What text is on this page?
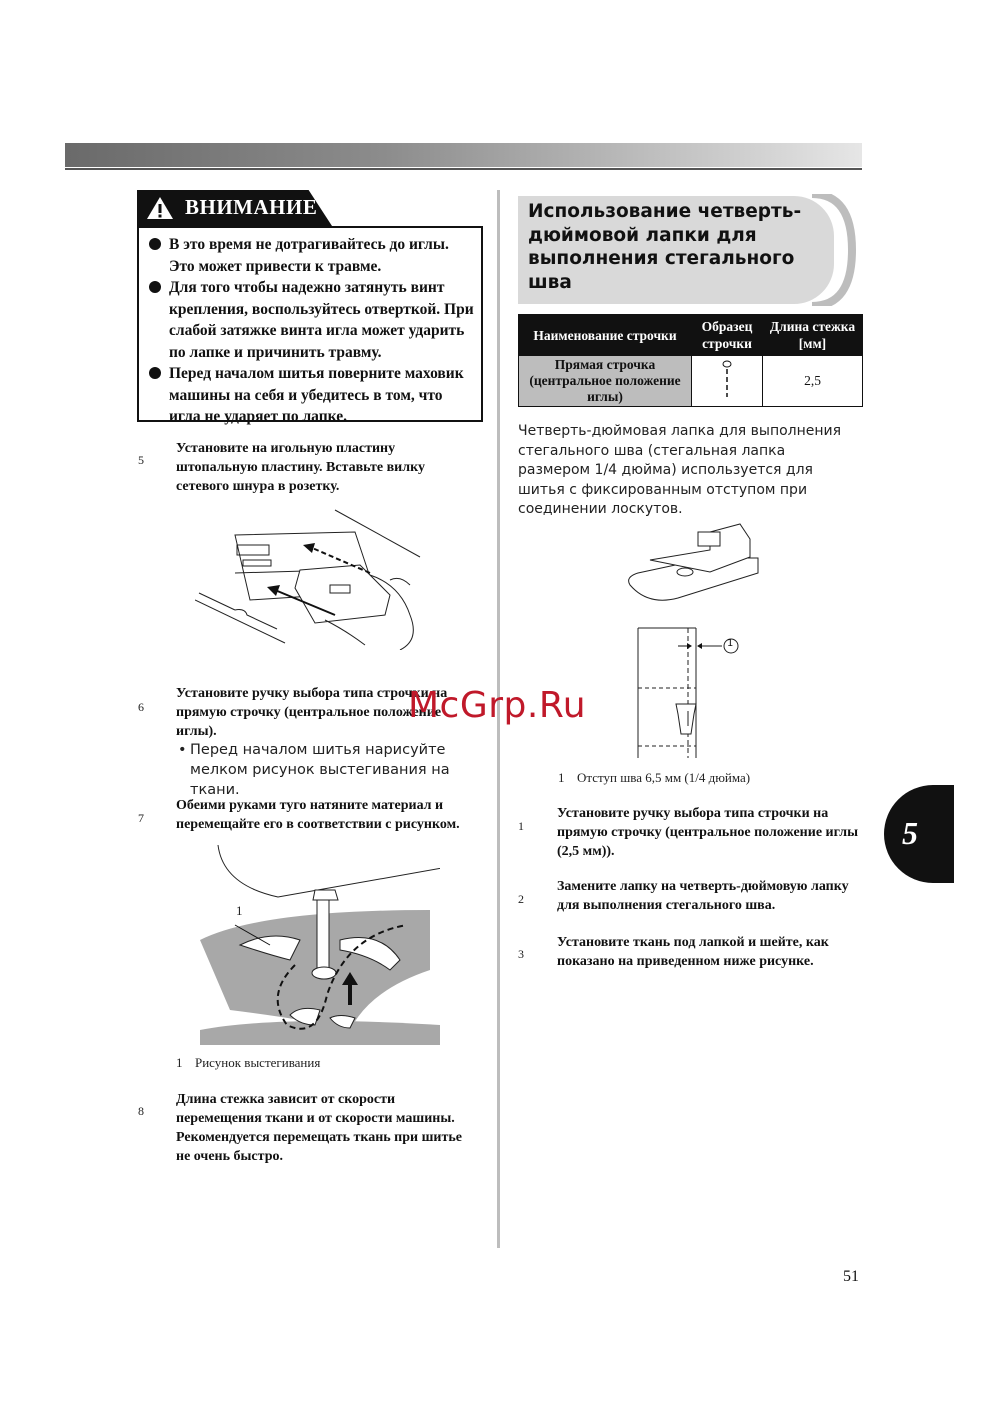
ВНИМАНИЕ
В это время не дотрагивайтесь до иглы. Это может привести к травме.
Для того чтобы надежно затянуть винт крепления, воспользуйтесь отверткой. При слабой затяжке винта игла может ударить по лапке и причинить травму.
Перед началом шитья поверните маховик машины на себя и убедитесь в том, что игла не ударяет по лапке.
5
Установите на игольную пластину штопальную пластину. Вставьте вилку сетевого шнура в розетку.
6
Установите ручку выбора типа строчки на прямую строчку (центральное положение иглы).
• Перед началом шитья нарисуйте мелком рисунок выстегивания на ткани.
7
Обеими руками туго натяните материал и перемещайте его в соответствии с рисунком.
1
1 Рисунок выстегивания
8
Длина стежка зависит от скорости перемещения ткани и от скорости машины. Рекомендуется перемещать ткань при шитье не очень быстро.
Использование четверть-дюймовой лапки для выполнения стегального шва
Наименование строчки	Образец строчки	Длина стежка [мм]
Прямая строчка (центральное положение иглы)		2,5
Четверть-дюймовая лапка для выполнения стегального шва (стегальная лапка размером 1/4 дюйма) используется для шитья с фиксированным отступом при соединении лоскутов.
1
1 Отступ шва 6,5 мм (1/4 дюйма)
1
Установите ручку выбора типа строчки на прямую строчку (центральное положение иглы (2,5 мм)).
2
Замените лапку на четверть-дюймовую лапку для выполнения стегального шва.
3
Установите ткань под лапкой и шейте, как показано на приведенном ниже рисунке.
5
51
McGrp.Ru
